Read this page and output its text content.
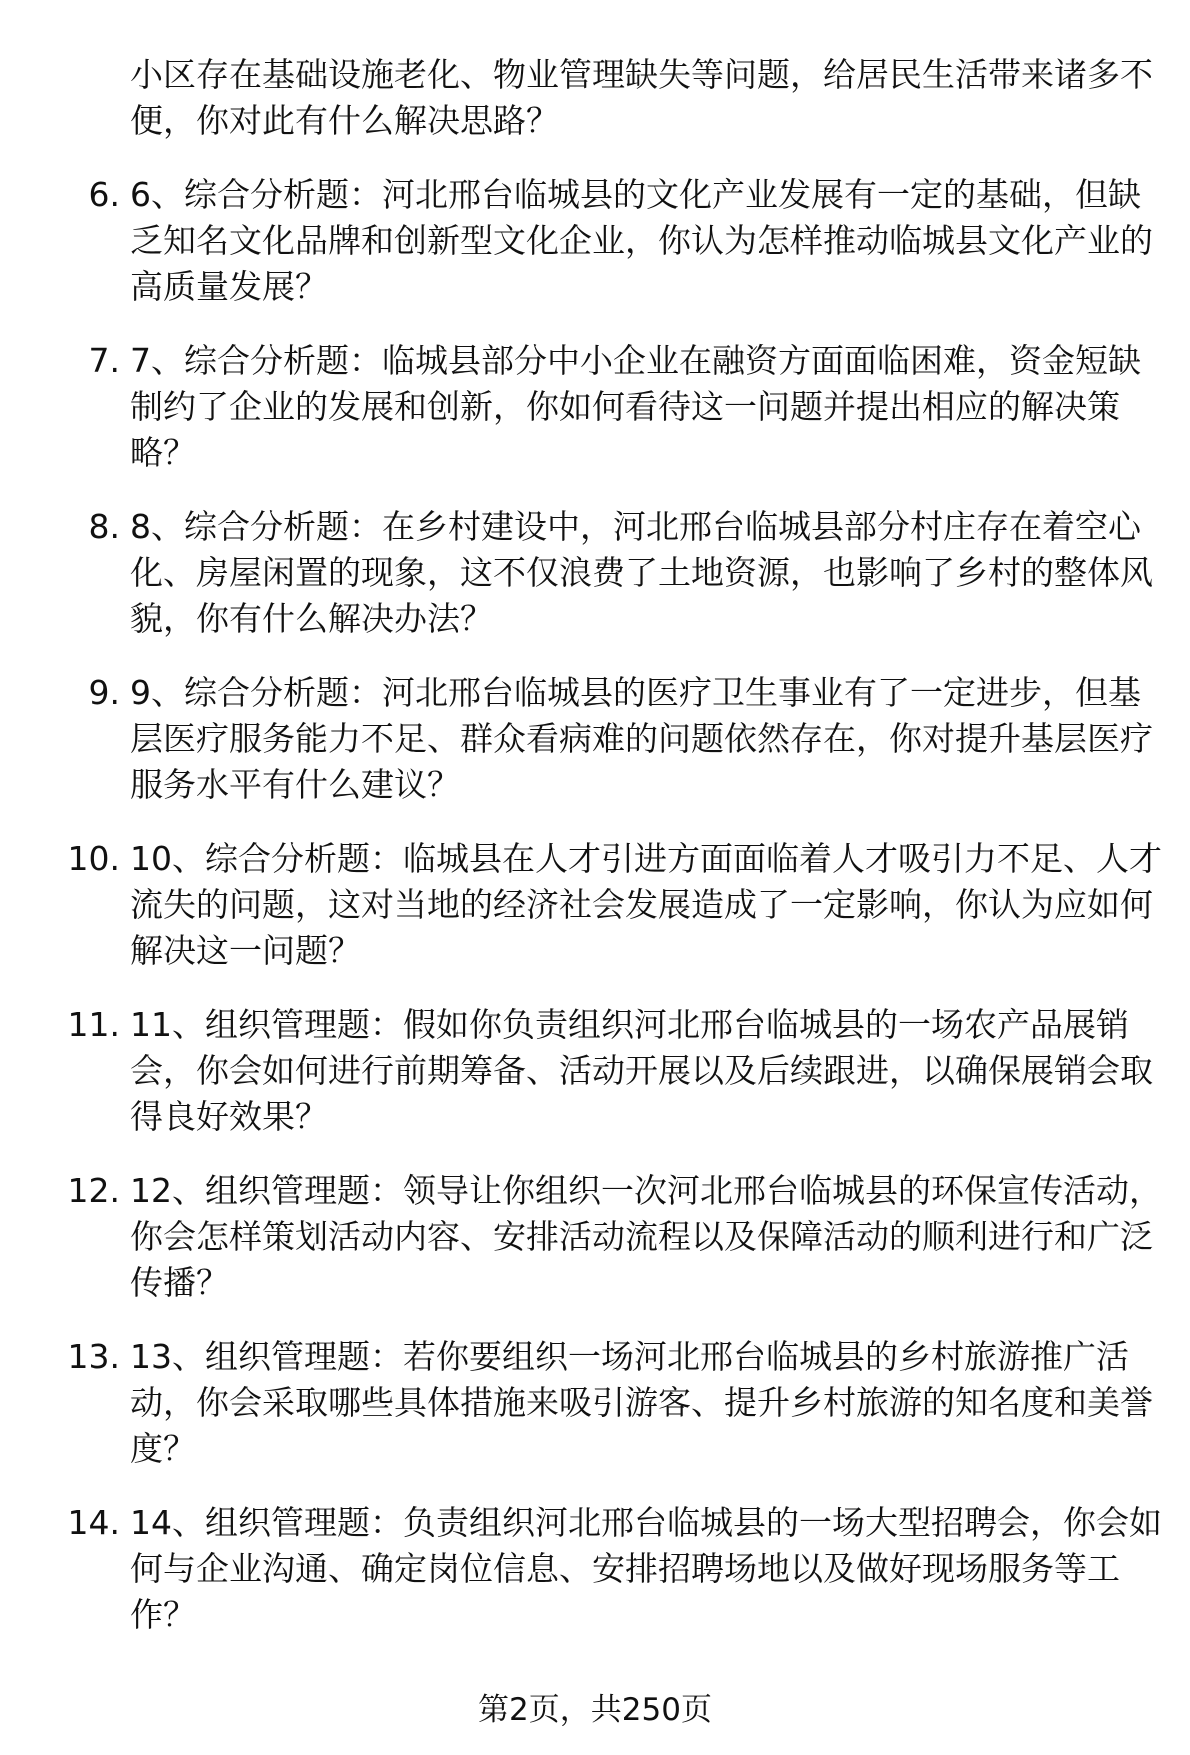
小区存在基础设施老化、物业管理缺失等问题，给居民生活带来诸多不便，你对此有什么解决思路？
6. 6、综合分析题：河北邢台临城县的文化产业发展有一定的基础，但缺乏知名文化品牌和创新型文化企业，你认为怎样推动临城县文化产业的高质量发展？
7. 7、综合分析题：临城县部分中小企业在融资方面面临困难，资金短缺制约了企业的发展和创新，你如何看待这一问题并提出相应的解决策略？
8. 8、综合分析题：在乡村建设中，河北邢台临城县部分村庄存在着空心化、房屋闲置的现象，这不仅浪费了土地资源，也影响了乡村的整体风貌，你有什么解决办法？
9. 9、综合分析题：河北邢台临城县的医疗卫生事业有了一定进步，但基层医疗服务能力不足、群众看病难的问题依然存在，你对提升基层医疗服务水平有什么建议？
10. 10、综合分析题：临城县在人才引进方面面临着人才吸引力不足、人才流失的问题，这对当地的经济社会发展造成了一定影响，你认为应如何解决这一问题？
11. 11、组织管理题：假如你负责组织河北邢台临城县的一场农产品展销会，你会如何进行前期筹备、活动开展以及后续跟进，以确保展销会取得良好效果？
12. 12、组织管理题：领导让你组织一次河北邢台临城县的环保宣传活动，你会怎样策划活动内容、安排活动流程以及保障活动的顺利进行和广泛传播？
13. 13、组织管理题：若你要组织一场河北邢台临城县的乡村旅游推广活动，你会采取哪些具体措施来吸引游客、提升乡村旅游的知名度和美誉度？
14. 14、组织管理题：负责组织河北邢台临城县的一场大型招聘会，你会如何与企业沟通、确定岗位信息、安排招聘场地以及做好现场服务等工作？
第2页，共250页
